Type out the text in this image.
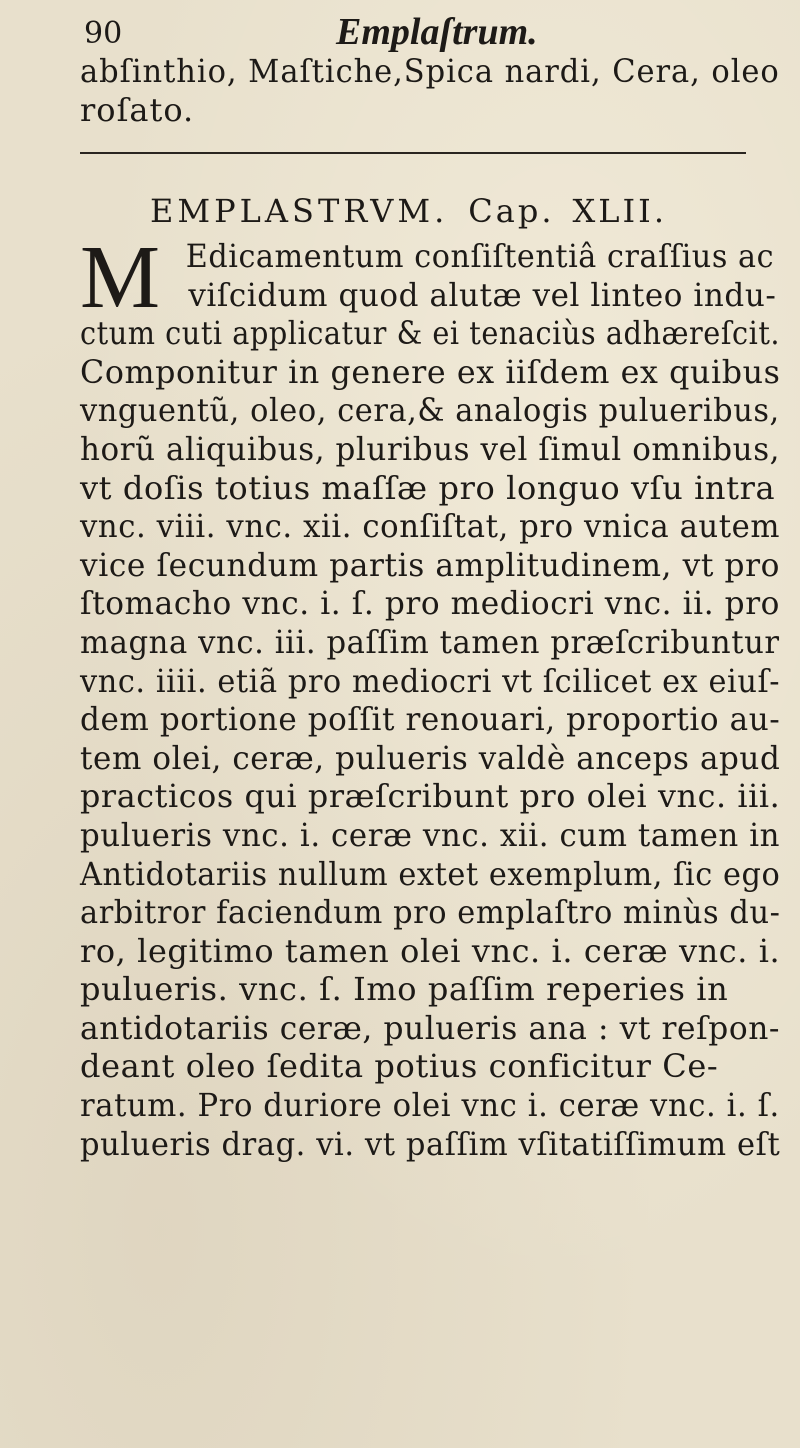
90	Emplaſtrum.
abſinthio, Maſtiche,Spica nardi, Cera, oleo
roſato.
EMPLASTRVM. Cap. XLII.
M Edicamentum conſiſtentiâ craſſius ac
viſcidum quod alutæ vel linteo indu-
ctum cuti applicatur & ei tenaciùs adhæreſcit.
Componitur in genere ex iiſdem ex quibus
vnguentũ, oleo, cera,& analogis pulueribus,
horũ aliquibus, pluribus vel ſimul omnibus,
vt doſis totius maſſæ pro longuo vſu intra
vnc. viii. vnc. xii. conſiſtat, pro vnica autem
vice ſecundum partis amplitudinem, vt pro
ſtomacho vnc. i. ſ. pro mediocri vnc. ii. pro
magna vnc. iii. paſſim tamen præſcribuntur
vnc. iiii. etiã pro mediocri vt ſcilicet ex eiuſ-
dem portione poſſit renouari, proportio au-
tem olei, ceræ, pulueris valdè anceps apud
practicos qui præſcribunt pro olei vnc. iii.
pulueris vnc. i. ceræ vnc. xii. cum tamen in
Antidotariis nullum extet exemplum, ſic ego
arbitror faciendum pro emplaſtro minùs du-
ro, legitimo tamen olei vnc. i. ceræ vnc. i.
pulueris. vnc. ſ. Imo paſſim reperies in
antidotariis ceræ, pulueris ana : vt reſpon-
deant oleo ſedita potius conficitur Ce-
ratum. Pro duriore olei vnc i. ceræ vnc. i. ſ.
pulueris drag. vi. vt paſſim vſitatiſſimum eſt
